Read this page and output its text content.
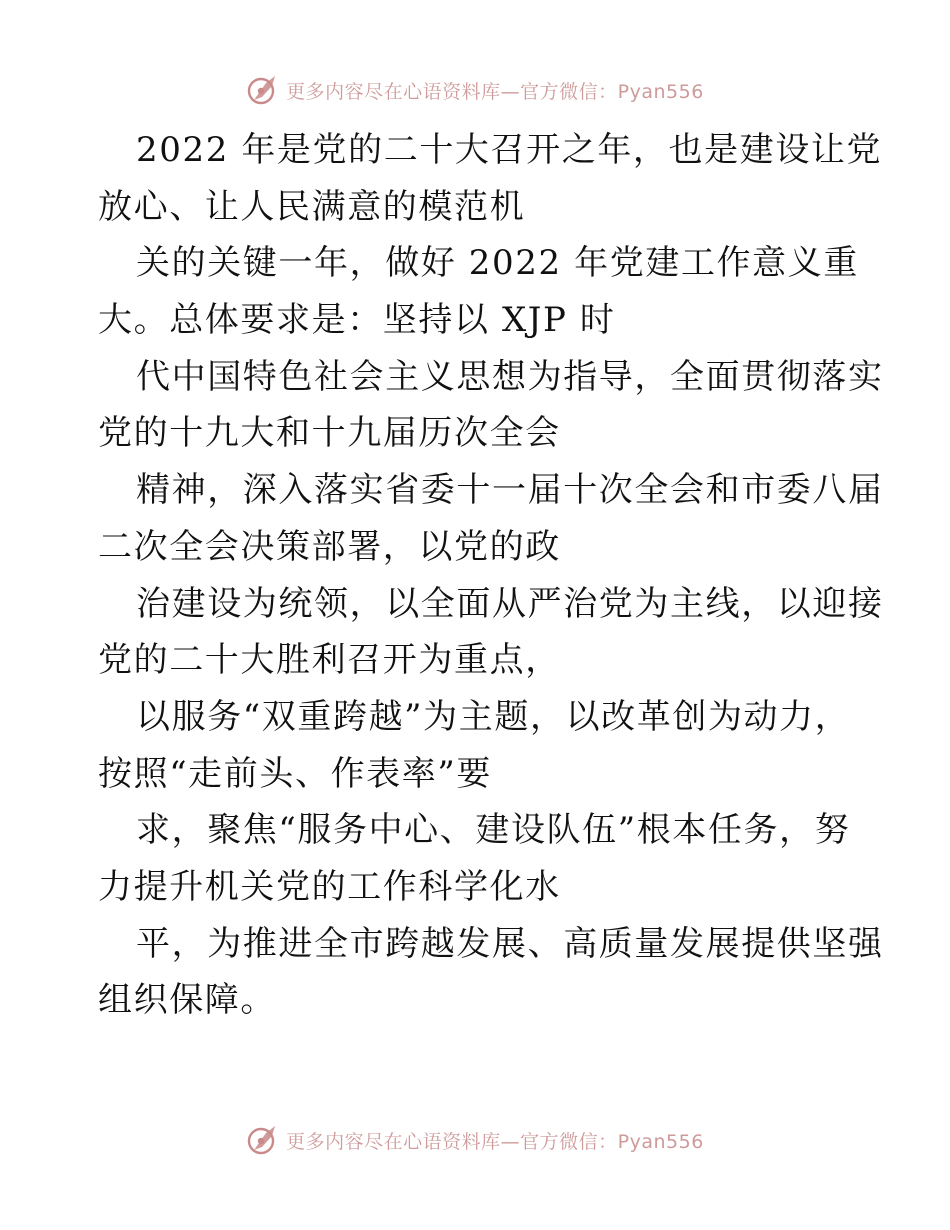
更多内容尽在心语资料库—官方微信：Pyan556
2022 年是党的二十大召开之年，也是建设让党
放心、让人民满意的模范机
关的关键一年，做好 2022 年党建工作意义重
大。总体要求是：坚持以 XJP 时
代中国特色社会主义思想为指导，全面贯彻落实
党的十九大和十九届历次全会
精神，深入落实省委十一届十次全会和市委八届
二次全会决策部署，以党的政
治建设为统领，以全面从严治党为主线，以迎接
党的二十大胜利召开为重点，
以服务“双重跨越”为主题，以改革创为动力，
按照“走前头、作表率”要
求，聚焦“服务中心、建设队伍”根本任务，努
力提升机关党的工作科学化水
平，为推进全市跨越发展、高质量发展提供坚强
组织保障。
更多内容尽在心语资料库—官方微信：Pyan556
